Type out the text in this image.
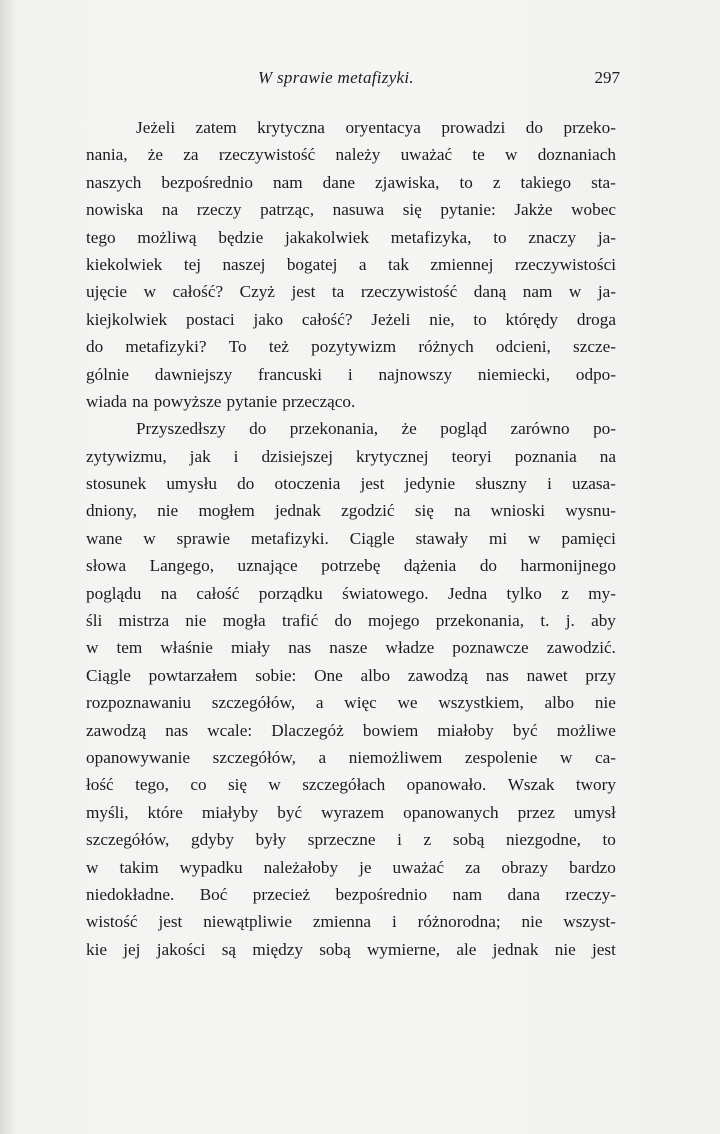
W sprawie metafizyki.	297
Jeżeli zatem krytyczna oryentacya prowadzi do przeko-
nania, że za rzeczywistość należy uważać te w doznaniach
naszych bezpośrednio nam dane zjawiska, to z takiego sta-
nowiska na rzeczy patrząc, nasuwa się pytanie: Jakże wobec
tego możliwą będzie jakakolwiek metafizyka, to znaczy ja-
kiekolwiek tej naszej bogatej a tak zmiennej rzeczywistości
ujęcie w całość? Czyż jest ta rzeczywistość daną nam w ja-
kiejkolwiek postaci jako całość? Jeżeli nie, to którędy droga
do metafizyki? To też pozytywizm różnych odcieni, szcze-
gólnie dawniejszy francuski i najnowszy niemiecki, odpo-
wiada na powyższe pytanie przecząco.
Przyszedłszy do przekonania, że pogląd zarówno po-
zytywizmu, jak i dzisiejszej krytycznej teoryi poznania na
stosunek umysłu do otoczenia jest jedynie słuszny i uzasa-
dniony, nie mogłem jednak zgodzić się na wnioski wysnu-
wane w sprawie metafizyki. Ciągle stawały mi w pamięci
słowa Langego, uznające potrzebę dążenia do harmonijnego
poglądu na całość porządku światowego. Jedna tylko z my-
śli mistrza nie mogła trafić do mojego przekonania, t. j. aby
w tem właśnie miały nas nasze władze poznawcze zawodzić.
Ciągle powtarzałem sobie: One albo zawodzą nas nawet przy
rozpoznawaniu szczegółów, a więc we wszystkiem, albo nie
zawodzą nas wcale: Dlaczegóż bowiem miałoby być możliwe
opanowywanie szczegółów, a niemożliwem zespolenie w ca-
łość tego, co się w szczegółach opanowało. Wszak twory
myśli, które miałyby być wyrazem opanowanych przez umysł
szczegółów, gdyby były sprzeczne i z sobą niezgodne, to
w takim wypadku należałoby je uważać za obrazy bardzo
niedokładne. Boć przecież bezpośrednio nam dana rzeczy-
wistość jest niewątpliwie zmienna i różnorodna; nie wszyst-
kie jej jakości są między sobą wymierne, ale jednak nie jest
